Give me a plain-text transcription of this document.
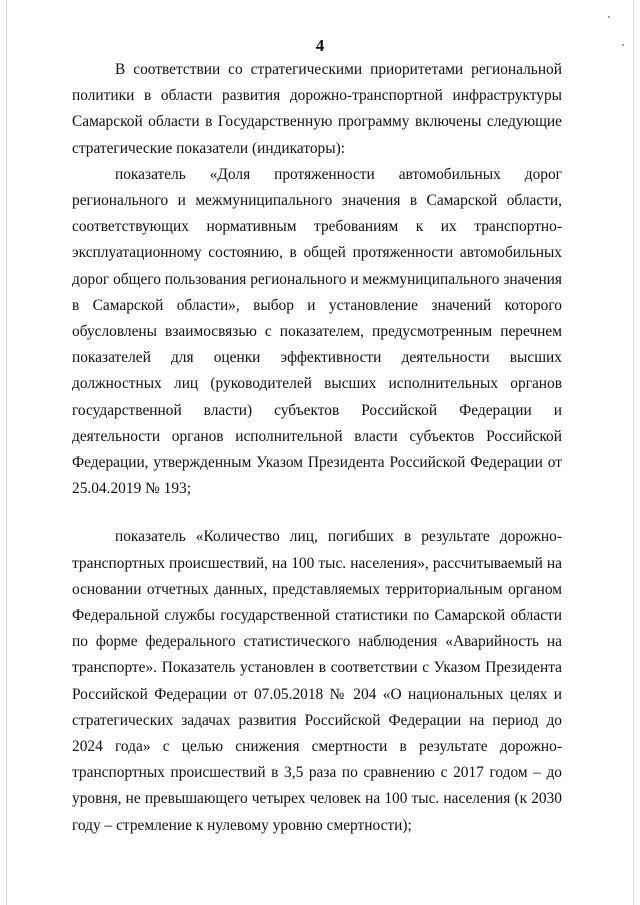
4

В соответствии со стратегическими приоритетами региональной политики в области развития дорожно-транспортной инфраструктуры Самарской области в Государственную программу включены следующие стратегические показатели (индикаторы):

показатель «Доля протяженности автомобильных дорог регионального и межмуниципального значения в Самарской области, соответствующих нормативным требованиям к их транспортно-эксплуатационному состоянию, в общей протяженности автомобильных дорог общего пользования регионального и межмуниципального значения в Самарской области», выбор и установление значений которого обусловлены взаимосвязью с показателем, предусмотренным перечнем показателей для оценки эффективности деятельности высших должностных лиц (руководителей высших исполнительных органов государственной власти) субъектов Российской Федерации и деятельности органов исполнительной власти субъектов Российской Федерации, утвержденным Указом Президента Российской Федерации от 25.04.2019 № 193;

показатель «Количество лиц, погибших в результате дорожно-транспортных происшествий, на 100 тыс. населения», рассчитываемый на основании отчетных данных, представляемых территориальным органом Федеральной службы государственной статистики по Самарской области по форме федерального статистического наблюдения «Аварийность на транспорте». Показатель установлен в соответствии с Указом Президента Российской Федерации от 07.05.2018 № 204 «О национальных целях и стратегических задачах развития Российской Федерации на период до 2024 года» с целью снижения смертности в результате дорожно-транспортных происшествий в 3,5 раза по сравнению с 2017 годом – до уровня, не превышающего четырех человек на 100 тыс. населения (к 2030 году – стремление к нулевому уровню смертности);
